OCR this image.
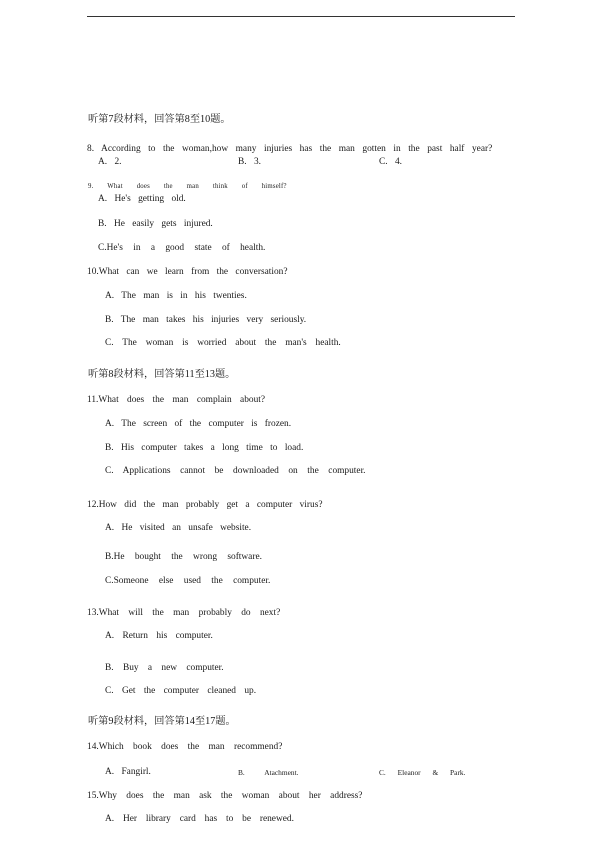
听第7段材料，回答第8至10题。
8. According to the woman,how many injuries has the man gotten in the past half year?
A. 2.	B. 3.	C. 4.
9. What does the man think of himself?
A. He's getting old.
B. He easily gets injured.
C.He's in a good state of health.
10.What can we learn from the conversation?
A. The man is in his twenties.
B. The man takes his injuries very seriously.
C. The woman is worried about the man's health.
听第8段材料，回答第11至13题。
11.What does the man complain about?
A. The screen of the computer is frozen.
B. His computer takes a long time to load.
C. Applications cannot be downloaded on the computer.
12.How did the man probably get a computer virus?
A. He visited an unsafe website.
B.He bought the wrong software.
C.Someone else used the computer.
13.What will the man probably do next?
A. Return his computer.
B. Buy a new computer.
C. Get the computer cleaned up.
听第9段材料，回答第14至17题。
14.Which book does the man recommend?
A. Fangirl.	B. Atachment.	C. Eleanor & Park.
15.Why does the man ask the woman about her address?
A. Her library card has to be renewed.
